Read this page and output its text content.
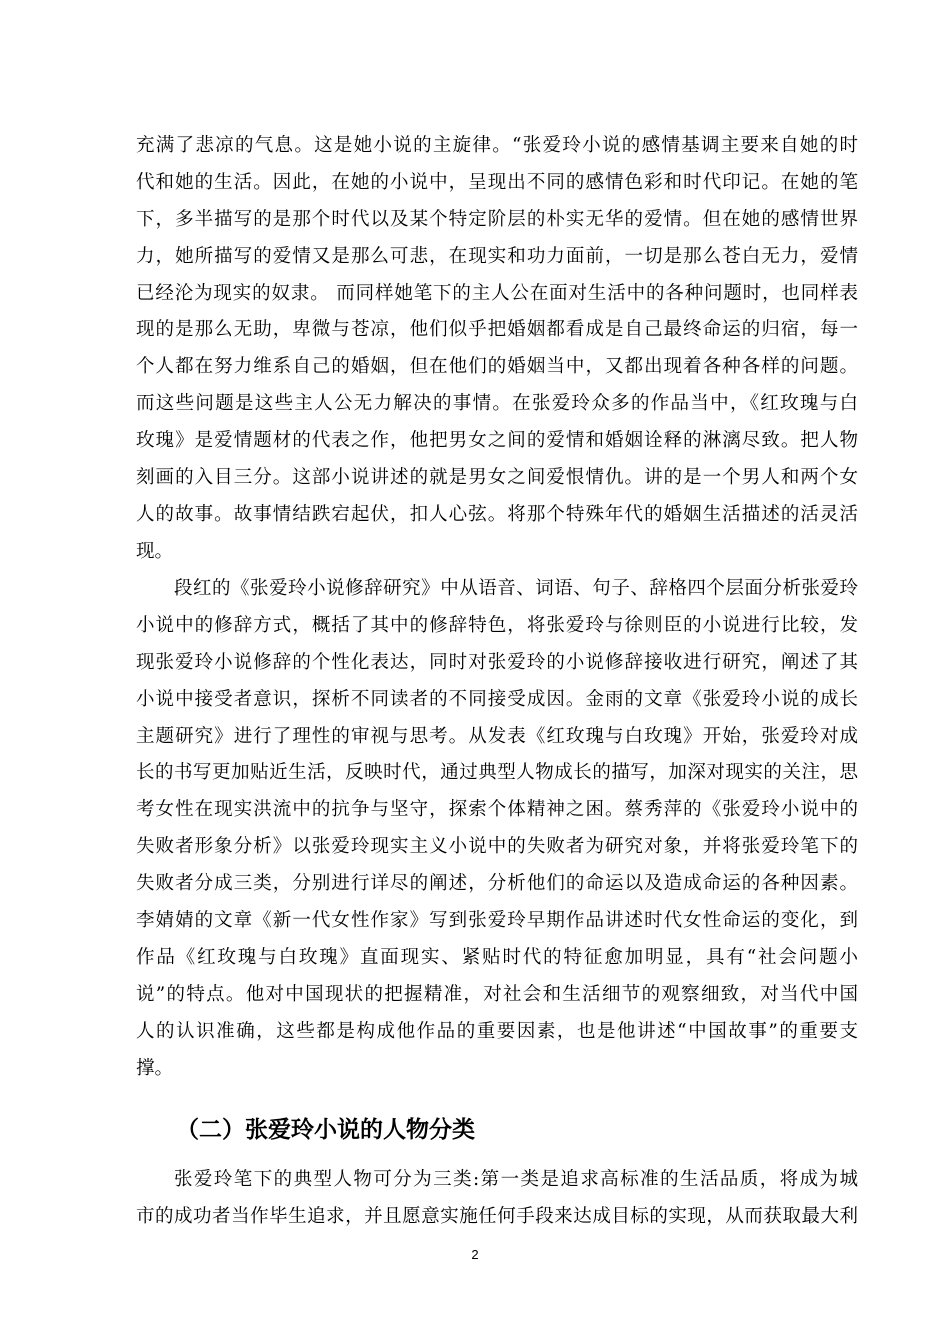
充满了悲凉的气息。这是她小说的主旋律。“张爱玲小说的感情基调主要来自她的时
代和她的生活。因此，在她的小说中，呈现出不同的感情色彩和时代印记。在她的笔
下，多半描写的是那个时代以及某个特定阶层的朴实无华的爱情。但在她的感情世界
力，她所描写的爱情又是那么可悲，在现实和功力面前，一切是那么苍白无力，爱情
已经沦为现实的奴隶。 而同样她笔下的主人公在面对生活中的各种问题时，也同样表
现的是那么无助，卑微与苍凉，他们似乎把婚姻都看成是自己最终命运的归宿，每一
个人都在努力维系自己的婚姻，但在他们的婚姻当中，又都出现着各种各样的问题。
而这些问题是这些主人公无力解决的事情。在张爱玲众多的作品当中，《红玫瑰与白
玫瑰》是爱情题材的代表之作，他把男女之间的爱情和婚姻诠释的淋漓尽致。把人物
刻画的入目三分。这部小说讲述的就是男女之间爱恨情仇。讲的是一个男人和两个女
人的故事。故事情结跌宕起伏，扣人心弦。将那个特殊年代的婚姻生活描述的活灵活
现。
段红的《张爱玲小说修辞研究》中从语音、词语、句子、辞格四个层面分析张爱玲
小说中的修辞方式，概括了其中的修辞特色，将张爱玲与徐则臣的小说进行比较，发
现张爱玲小说修辞的个性化表达，同时对张爱玲的小说修辞接收进行研究，阐述了其
小说中接受者意识，探析不同读者的不同接受成因。金雨的文章《张爱玲小说的成长
主题研究》进行了理性的审视与思考。从发表《红玫瑰与白玫瑰》开始，张爱玲对成
长的书写更加贴近生活，反映时代，通过典型人物成长的描写，加深对现实的关注，思
考女性在现实洪流中的抗争与坚守，探索个体精神之困。蔡秀萍的《张爱玲小说中的
失败者形象分析》以张爱玲现实主义小说中的失败者为研究对象，并将张爱玲笔下的
失败者分成三类，分别进行详尽的阐述，分析他们的命运以及造成命运的各种因素。
李婧婧的文章《新一代女性作家》写到张爱玲早期作品讲述时代女性命运的变化，到
作品《红玫瑰与白玫瑰》直面现实、紧贴时代的特征愈加明显，具有“社会问题小
说”的特点。他对中国现状的把握精准，对社会和生活细节的观察细致，对当代中国
人的认识准确，这些都是构成他作品的重要因素，也是他讲述“中国故事”的重要支
撑。
（二）张爱玲小说的人物分类
张爱玲笔下的典型人物可分为三类:第一类是追求高标准的生活品质，将成为城
市的成功者当作毕生追求，并且愿意实施任何手段来达成目标的实现，从而获取最大利
2
